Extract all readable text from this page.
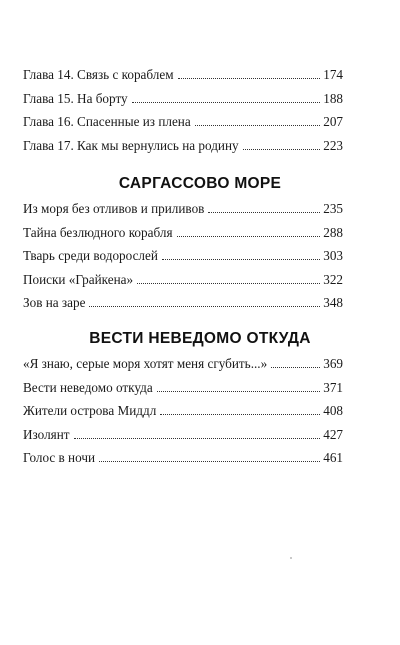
Глава 14. Связь с кораблем	174
Глава 15. На борту	188
Глава 16. Спасенные из плена	207
Глава 17. Как мы вернулись на родину	223
САРГАССОВО МОРЕ
Из моря без отливов и приливов	235
Тайна безлюдного корабля	288
Тварь среди водорослей	303
Поиски «Грайкена»	322
Зов на заре	348
ВЕСТИ НЕВЕДОМО ОТКУДА
«Я знаю, серые моря хотят меня сгубить...»	369
Вести неведомо откуда	371
Жители острова Миддл	408
Изолянт	427
Голос в ночи	461
